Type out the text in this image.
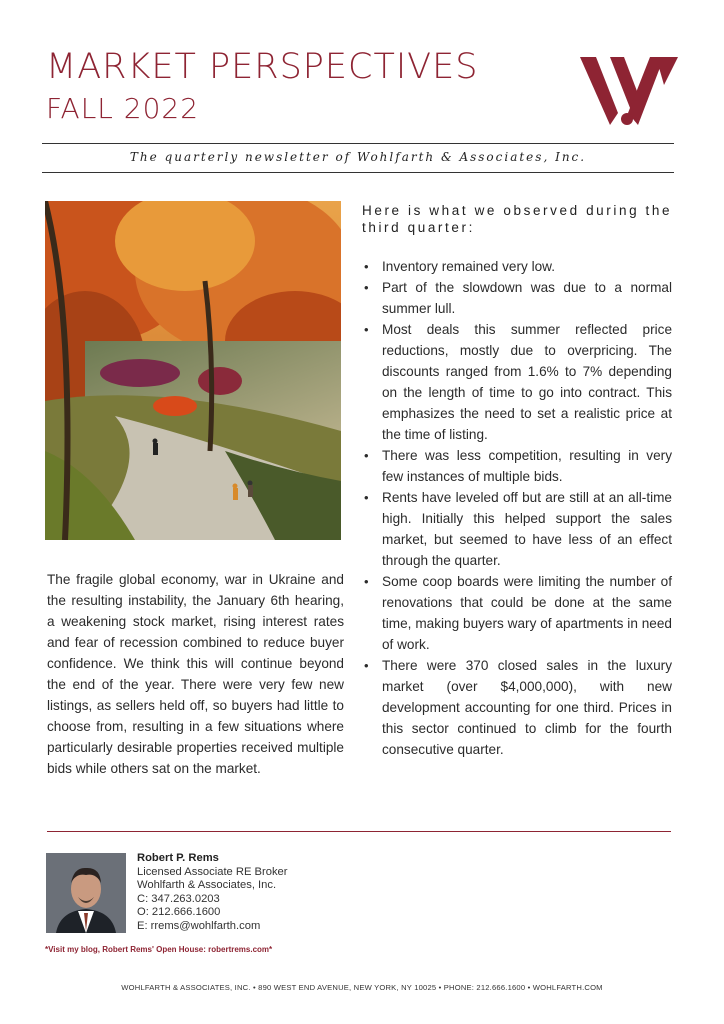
MARKET PERSPECTIVES
FALL 2022
The quarterly newsletter of Wohlfarth & Associates, Inc.
The fragile global economy, war in Ukraine and the resulting instability, the January 6th hearing, a weakening stock market, rising interest rates and fear of recession combined to reduce buyer confidence. We think this will continue beyond the end of the year. There were very few new listings, as sellers held off, so buyers had little to choose from, resulting in a few situations where particularly desirable properties received multiple bids while others sat on the market.
Here is what we observed during the third quarter:
• Inventory remained very low.
• Part of the slowdown was due to a normal summer lull.
• Most deals this summer reflected price reductions, mostly due to overpricing. The discounts ranged from 1.6% to 7% depending on the length of time to go into contract. This emphasizes the need to set a realistic price at the time of listing.
• There was less competition, resulting in very few instances of multiple bids.
• Rents have leveled off but are still at an all-time high. Initially this helped support the sales market, but seemed to have less of an effect through the quarter.
• Some coop boards were limiting the number of renovations that could be done at the same time, making buyers wary of apartments in need of work.
• There were 370 closed sales in the luxury market (over $4,000,000), with new development accounting for one third. Prices in this sector continued to climb for the fourth consecutive quarter.
Robert P. Rems
Licensed Associate RE Broker
Wohlfarth & Associates, Inc.
C: 347.263.0203
O: 212.666.1600
E: rrems@wohlfarth.com
*Visit my blog, Robert Rems' Open House: robertrems.com*
WOHLFARTH & ASSOCIATES, INC. • 890 WEST END AVENUE, NEW YORK, NY 10025 • PHONE: 212.666.1600 • WOHLFARTH.COM
